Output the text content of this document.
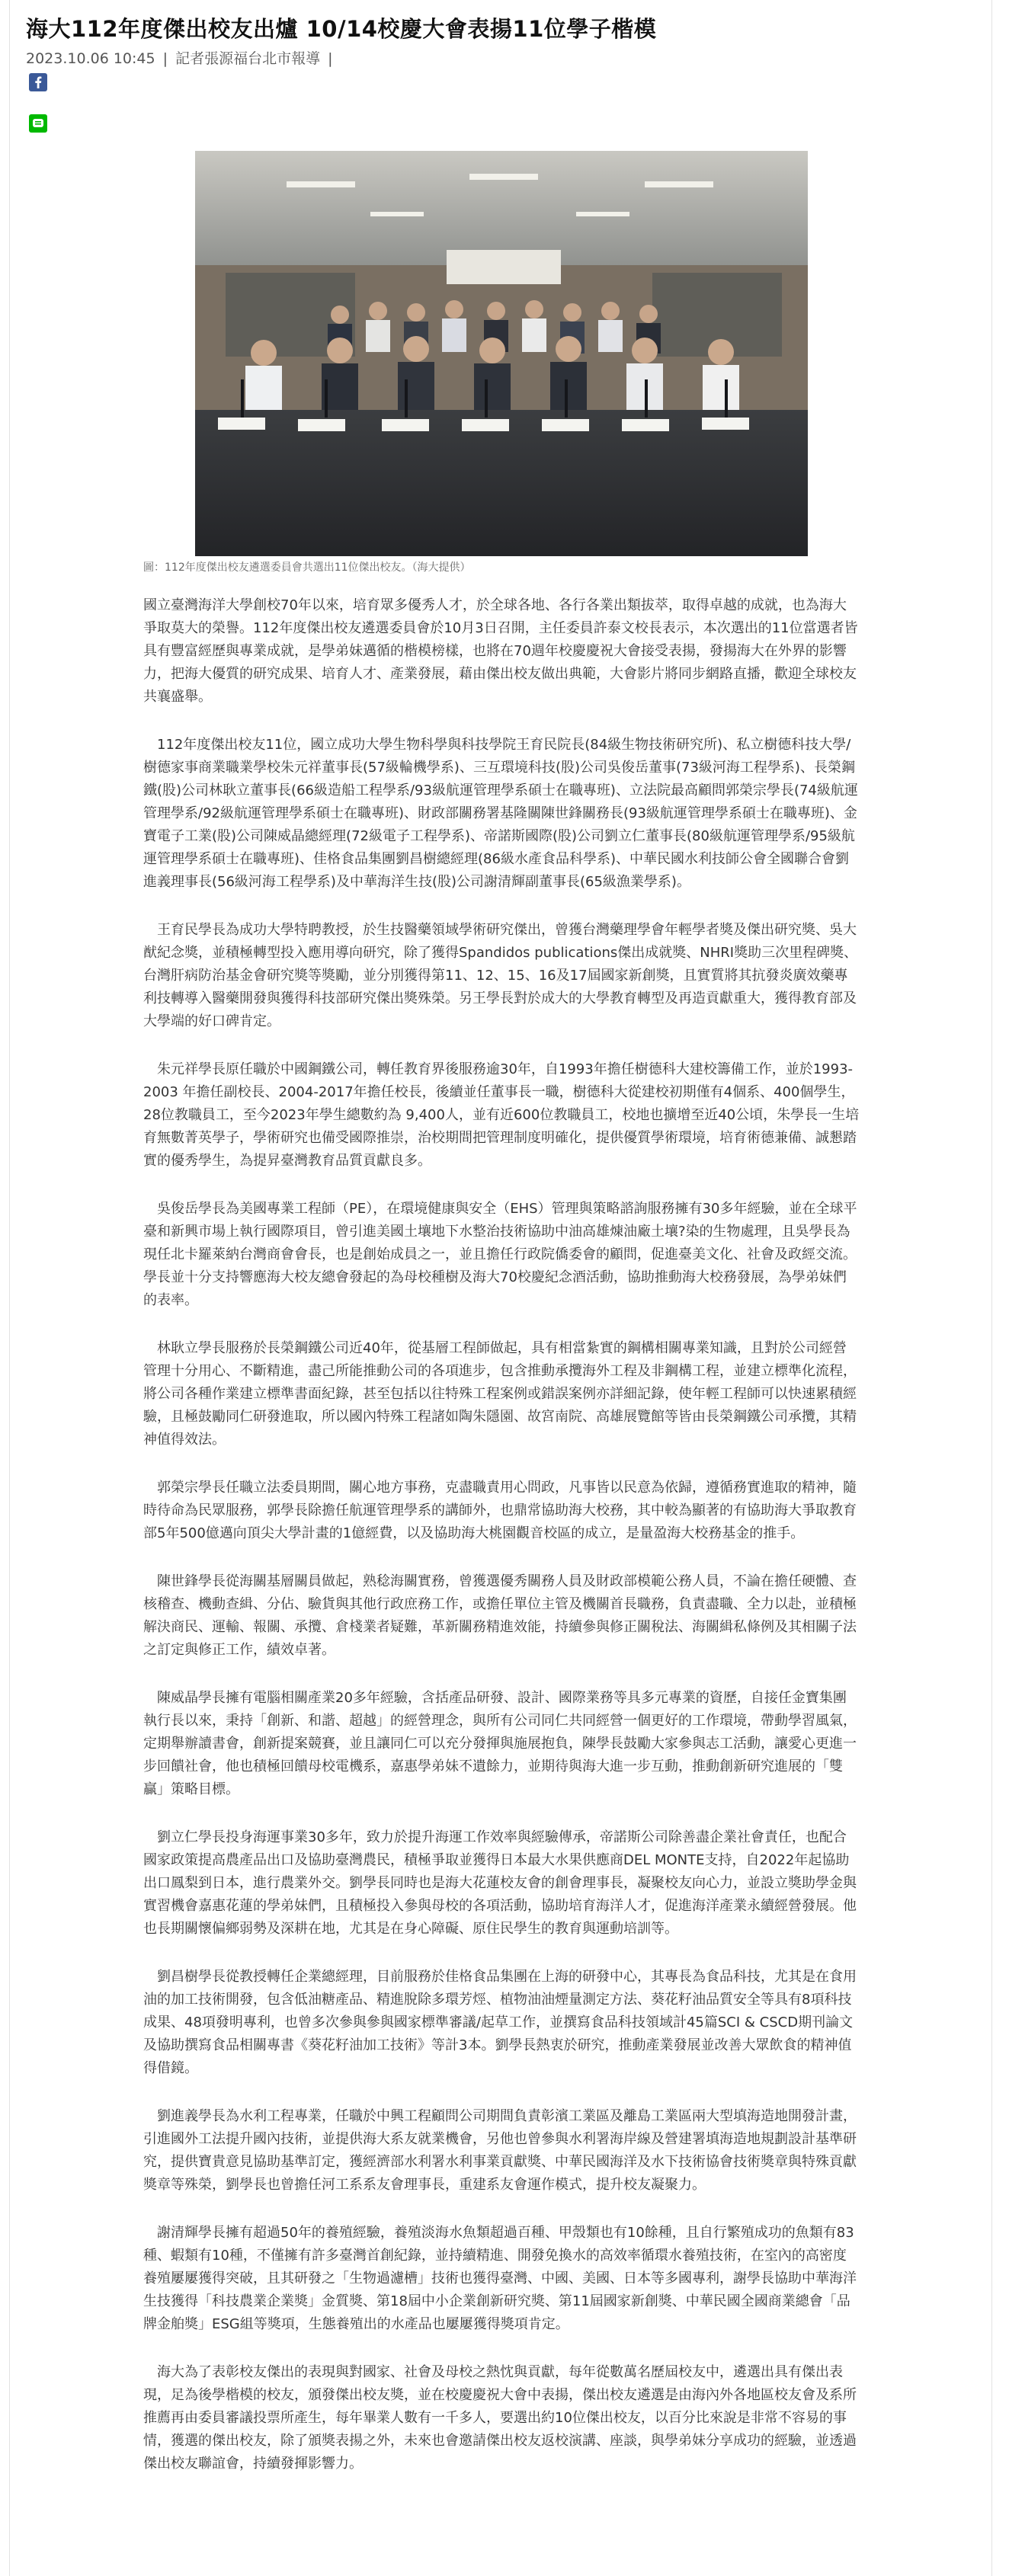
海大112年度傑出校友出爐 10/14校慶大會表揚11位學子楷模
2023.10.06 10:45 | 記者張源福台北市報導 |
圖：112年度傑出校友遴選委員會共選出11位傑出校友。（海大提供）

國立臺灣海洋大學創校70年以來，培育眾多優秀人才，於全球各地、各行各業出類拔萃，取得卓越的成就，也為海大爭取莫大的榮譽。112年度傑出校友遴選委員會於10月3日召開，主任委員許泰文校長表示，本次選出的11位當選者皆具有豐富經歷與專業成就，是學弟妹邁循的楷模榜樣，也將在70週年校慶慶祝大會接受表揚，發揚海大在外界的影響力，把海大優質的研究成果、培育人才、產業發展，藉由傑出校友做出典範，大會影片將同步網路直播，歡迎全球校友共襄盛舉。

112年度傑出校友11位，國立成功大學生物科學與科技學院王育民院長(84級生物技術研究所)、私立樹德科技大學/樹德家事商業職業學校朱元祥董事長(57級輪機學系)、三互環境科技(股)公司吳俊岳董事(73級河海工程學系)、長榮鋼鐵(股)公司林耿立董事長(66級造船工程學系/93級航運管理學系碩士在職專班)、立法院最高顧問郭榮宗學長(74級航運管理學系/92級航運管理學系碩士在職專班)、財政部關務署基隆關陳世鋒關務長(93級航運管理學系碩士在職專班)、金寶電子工業(股)公司陳威晶總經理(72級電子工程學系)、帝諾斯國際(股)公司劉立仁董事長(80級航運管理學系/95級航運管理學系碩士在職專班)、佳格食品集團劉昌樹總經理(86級水產食品科學系)、中華民國水利技師公會全國聯合會劉進義理事長(56級河海工程學系)及中華海洋生技(股)公司謝清輝副董事長(65級漁業學系)。

王育民學長為成功大學特聘教授，於生技醫藥領域學術研究傑出，曾獲台灣藥理學會年輕學者獎及傑出研究獎、吳大猷紀念獎，並積極轉型投入應用導向研究，除了獲得Spandidos publications傑出成就獎、NHRI獎助三次里程碑獎、台灣肝病防治基金會研究獎等獎勵，並分別獲得第11、12、15、16及17屆國家新創獎，且實質將其抗發炎廣效藥專利技轉導入醫藥開發與獲得科技部研究傑出獎殊榮。另王學長對於成大的大學教育轉型及再造貢獻重大，獲得教育部及大學端的好口碑肯定。

朱元祥學長原任職於中國鋼鐵公司，轉任教育界後服務逾30年，自1993年擔任樹德科大建校籌備工作，並於1993-2003 年擔任副校長、2004-2017年擔任校長，後續並任董事長一職，樹德科大從建校初期僅有4個系、400個學生，28位教職員工，至今2023年學生總數約為 9,400人，並有近600位教職員工，校地也擴增至近40公頃，朱學長一生培育無數菁英學子，學術研究也備受國際推崇，治校期間把管理制度明確化，提供優質學術環境，培育術德兼備、誠懇踏實的優秀學生，為提昇臺灣教育品質貢獻良多。

吳俊岳學長為美國專業工程師（PE），在環境健康與安全（EHS）管理與策略諮詢服務擁有30多年經驗，並在全球平臺和新興市場上執行國際項目，曾引進美國土壤地下水整治技術協助中油高雄煉油廠土壤?染的生物處理，且吳學長為現任北卡羅萊納台灣商會會長，也是創始成員之一，並且擔任行政院僑委會的顧問，促進臺美文化、社會及政經交流。學長並十分支持響應海大校友總會發起的為母校種樹及海大70校慶紀念酒活動，協助推動海大校務發展，為學弟妹們的表率。

林耿立學長服務於長榮鋼鐵公司近40年，從基層工程師做起，具有相當紮實的鋼構相關專業知識，且對於公司經營管理十分用心、不斷精進，盡己所能推動公司的各項進步，包含推動承攬海外工程及非鋼構工程，並建立標準化流程，將公司各種作業建立標準書面紀錄，甚至包括以往特殊工程案例或錯誤案例亦詳細記錄，使年輕工程師可以快速累積經驗，且極鼓勵同仁研發進取，所以國內特殊工程諸如陶朱隱園、故宮南院、高雄展覽館等皆由長榮鋼鐵公司承攬，其精神值得效法。

郭榮宗學長任職立法委員期間，關心地方事務，克盡職責用心問政，凡事皆以民意為依歸，遵循務實進取的精神，隨時待命為民眾服務，郭學長除擔任航運管理學系的講師外，也鼎常協助海大校務，其中較為顯著的有協助海大爭取教育部5年500億邁向頂尖大學計畫的1億經費，以及協助海大桃園觀音校區的成立，是量盈海大校務基金的推手。

陳世鋒學長從海關基層關員做起，熟稔海關實務，曾獲選優秀關務人員及財政部模範公務人員，不論在擔任硬體、查核稽查、機動查緝、分佔、驗貨與其他行政庶務工作，或擔任單位主管及機關首長職務，負責盡職、全力以赴，並積極解決商民、運輸、報關、承攬、倉棧業者疑難，革新關務精進效能，持續參與修正關稅法、海關緝私條例及其相關子法之訂定與修正工作，績效卓著。

陳威晶學長擁有電腦相關產業20多年經驗，含括產品研發、設計、國際業務等具多元專業的資歷，自接任金寶集團執行長以來，秉持「創新、和諧、超越」的經營理念，與所有公司同仁共同經營一個更好的工作環境，帶動學習風氣，定期舉辦讀書會，創新提案競賽，並且讓同仁可以充分發揮與施展抱負，陳學長鼓勵大家參與志工活動，讓愛心更進一步回饋社會，他也積極回饋母校電機系，嘉惠學弟妹不遺餘力，並期待與海大進一步互動，推動創新研究進展的「雙贏」策略目標。

劉立仁學長投身海運事業30多年，致力於提升海運工作效率與經驗傳承，帝諾斯公司除善盡企業社會責任，也配合國家政策提高農產品出口及協助臺灣農民，積極爭取並獲得日本最大水果供應商DEL MONTE支持，自2022年起協助出口鳳梨到日本，進行農業外交。劉學長同時也是海大花蓮校友會的創會理事長，凝聚校友向心力，並設立獎助學金與實習機會嘉惠花蓮的學弟妹們，且積極投入參與母校的各項活動，協助培育海洋人才，促進海洋產業永續經營發展。他也長期關懷偏鄉弱勢及深耕在地，尤其是在身心障礙、原住民學生的教育與運動培訓等。

劉昌樹學長從教授轉任企業總經理，目前服務於佳格食品集團在上海的研發中心，其專長為食品科技，尤其是在食用油的加工技術開發，包含低油糖產品、精進脫除多環芳烴、植物油油煙量測定方法、葵花籽油品質安全等具有8項科技成果、48項發明專利，也曾多次參與參與國家標準審議/起草工作，並撰寫食品科技領域計45篇SCI & CSCD期刊論文及協助撰寫食品相關專書《葵花籽油加工技術》等計3本。劉學長熱衷於研究，推動產業發展並改善大眾飲食的精神值得借鏡。

劉進義學長為水利工程專業，任職於中興工程顧問公司期間負責彰濱工業區及離島工業區兩大型填海造地開發計畫，引進國外工法提升國內技術，並提供海大系友就業機會，另他也曾參與水利署海岸線及營建署填海造地規劃設計基準研究，提供寶貴意見協助基準訂定，獲經濟部水利署水利事業貢獻獎、中華民國海洋及水下技術協會技術獎章與特殊貢獻獎章等殊榮，劉學長也曾擔任河工系系友會理事長，重建系友會運作模式，提升校友凝聚力。

謝清輝學長擁有超過50年的養殖經驗，養殖淡海水魚類超過百種、甲殼類也有10餘種，且自行繁殖成功的魚類有83種、蝦類有10種，不僅擁有許多臺灣首創紀錄，並持續精進、開發免換水的高效率循環水養殖技術，在室內的高密度養殖屢屢獲得突破，且其研發之「生物過濾槽」技術也獲得臺灣、中國、美國、日本等多國專利，謝學長協助中華海洋生技獲得「科技農業企業獎」金質獎、第18屆中小企業創新研究獎、第11屆國家新創獎、中華民國全國商業總會「品牌金舶獎」ESG組等獎項，生態養殖出的水產品也屢屢獲得獎項肯定。

海大為了表彰校友傑出的表現與對國家、社會及母校之熱忱與貢獻，每年從數萬名歷屆校友中，遴選出具有傑出表現，足為後學楷模的校友，頒發傑出校友獎，並在校慶慶祝大會中表揚，傑出校友遴選是由海內外各地區校友會及系所推薦再由委員審議投票所產生，每年畢業人數有一千多人，要選出約10位傑出校友，以百分比來說是非常不容易的事情，獲選的傑出校友，除了頒獎表揚之外，未來也會邀請傑出校友返校演講、座談，與學弟妹分享成功的經驗，並透過傑出校友聯誼會，持續發揮影響力。
